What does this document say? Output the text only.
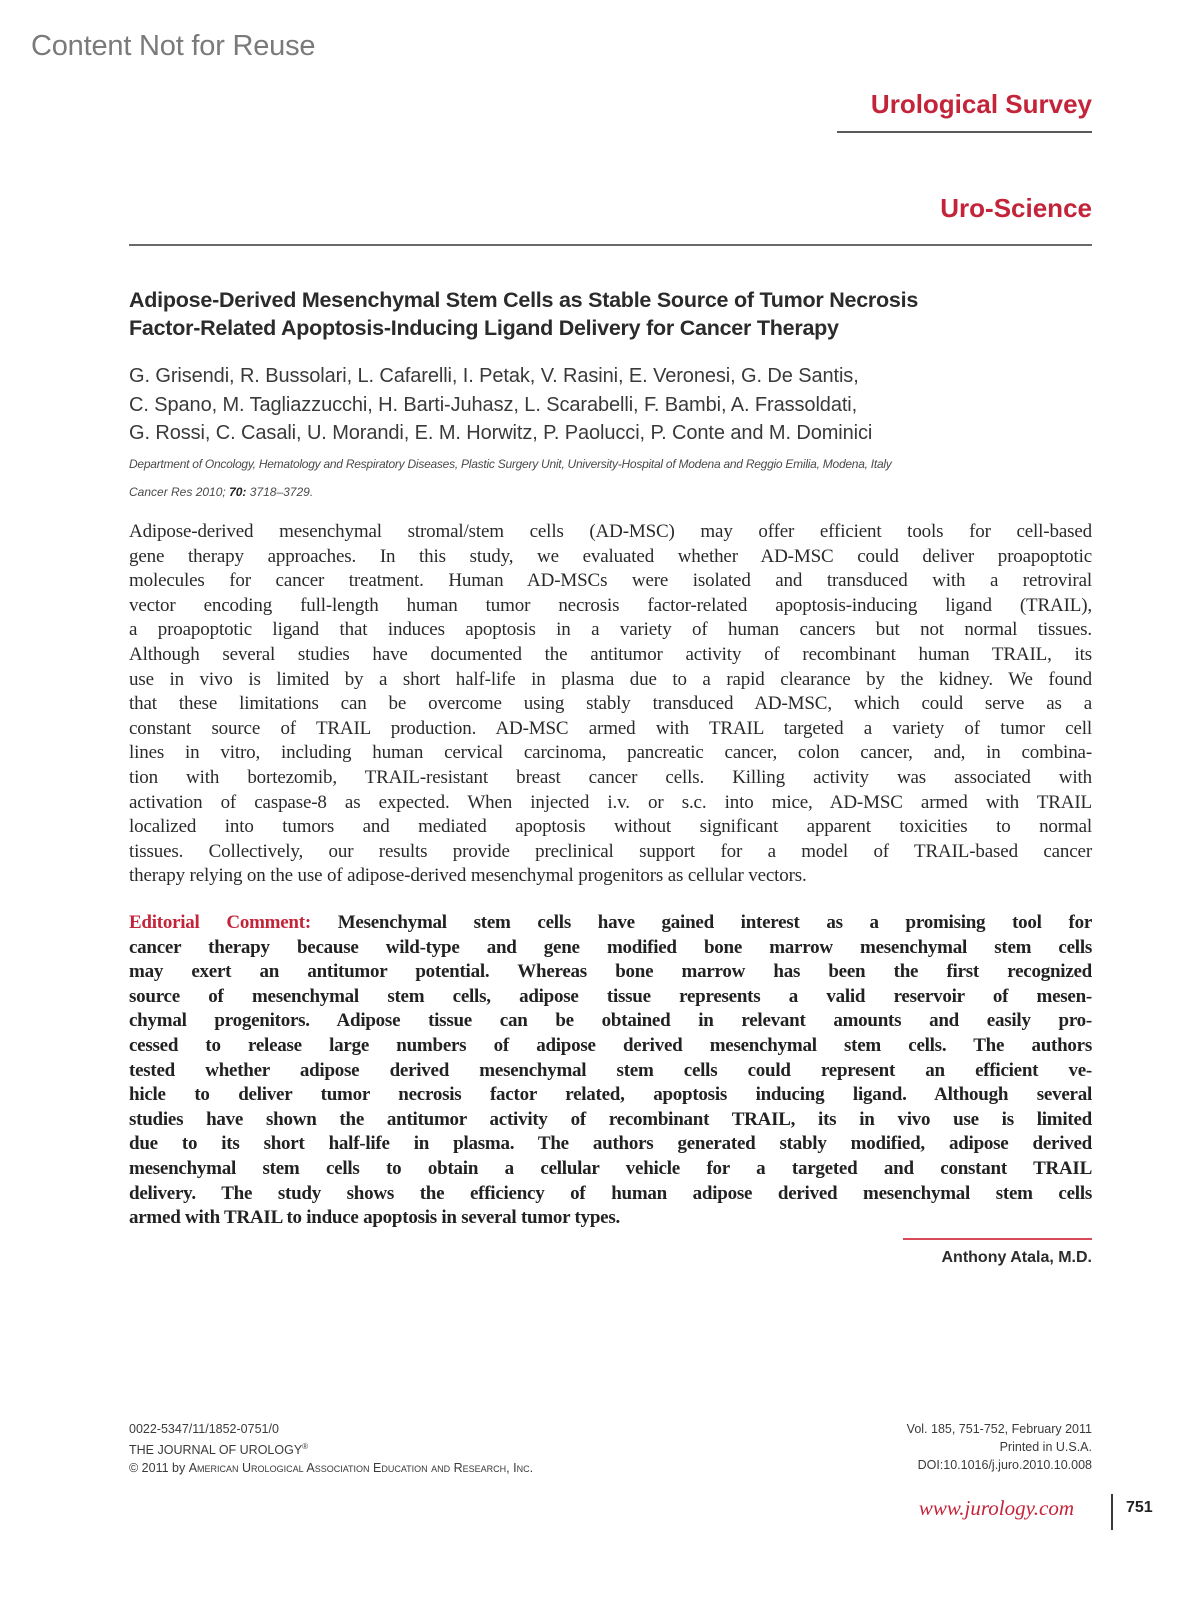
Content Not for Reuse
Urological Survey
Uro-Science
Adipose-Derived Mesenchymal Stem Cells as Stable Source of Tumor Necrosis
Factor-Related Apoptosis-Inducing Ligand Delivery for Cancer Therapy
G. Grisendi, R. Bussolari, L. Cafarelli, I. Petak, V. Rasini, E. Veronesi, G. De Santis,
C. Spano, M. Tagliazzucchi, H. Barti-Juhasz, L. Scarabelli, F. Bambi, A. Frassoldati,
G. Rossi, C. Casali, U. Morandi, E. M. Horwitz, P. Paolucci, P. Conte and M. Dominici
Department of Oncology, Hematology and Respiratory Diseases, Plastic Surgery Unit, University-Hospital of Modena and Reggio Emilia, Modena, Italy
Cancer Res 2010; 70: 3718–3729.
Adipose-derived mesenchymal stromal/stem cells (AD-MSC) may offer efficient tools for cell-based
gene therapy approaches. In this study, we evaluated whether AD-MSC could deliver proapoptotic
molecules for cancer treatment. Human AD-MSCs were isolated and transduced with a retroviral
vector encoding full-length human tumor necrosis factor-related apoptosis-inducing ligand (TRAIL),
a proapoptotic ligand that induces apoptosis in a variety of human cancers but not normal tissues.
Although several studies have documented the antitumor activity of recombinant human TRAIL, its
use in vivo is limited by a short half-life in plasma due to a rapid clearance by the kidney. We found
that these limitations can be overcome using stably transduced AD-MSC, which could serve as a
constant source of TRAIL production. AD-MSC armed with TRAIL targeted a variety of tumor cell
lines in vitro, including human cervical carcinoma, pancreatic cancer, colon cancer, and, in combina-
tion with bortezomib, TRAIL-resistant breast cancer cells. Killing activity was associated with
activation of caspase-8 as expected. When injected i.v. or s.c. into mice, AD-MSC armed with TRAIL
localized into tumors and mediated apoptosis without significant apparent toxicities to normal
tissues. Collectively, our results provide preclinical support for a model of TRAIL-based cancer
therapy relying on the use of adipose-derived mesenchymal progenitors as cellular vectors.
Editorial Comment: Mesenchymal stem cells have gained interest as a promising tool for
cancer therapy because wild-type and gene modified bone marrow mesenchymal stem cells
may exert an antitumor potential. Whereas bone marrow has been the first recognized
source of mesenchymal stem cells, adipose tissue represents a valid reservoir of mesen-
chymal progenitors. Adipose tissue can be obtained in relevant amounts and easily pro-
cessed to release large numbers of adipose derived mesenchymal stem cells. The authors
tested whether adipose derived mesenchymal stem cells could represent an efficient ve-
hicle to deliver tumor necrosis factor related, apoptosis inducing ligand. Although several
studies have shown the antitumor activity of recombinant TRAIL, its in vivo use is limited
due to its short half-life in plasma. The authors generated stably modified, adipose derived
mesenchymal stem cells to obtain a cellular vehicle for a targeted and constant TRAIL
delivery. The study shows the efficiency of human adipose derived mesenchymal stem cells
armed with TRAIL to induce apoptosis in several tumor types.
Anthony Atala, M.D.
0022-5347/11/1852-0751/0
THE JOURNAL OF UROLOGY®
© 2011 by American Urological Association Education and Research, Inc.
Vol. 185, 751-752, February 2011
Printed in U.S.A.
DOI:10.1016/j.juro.2010.10.008
www.jurology.com	751
